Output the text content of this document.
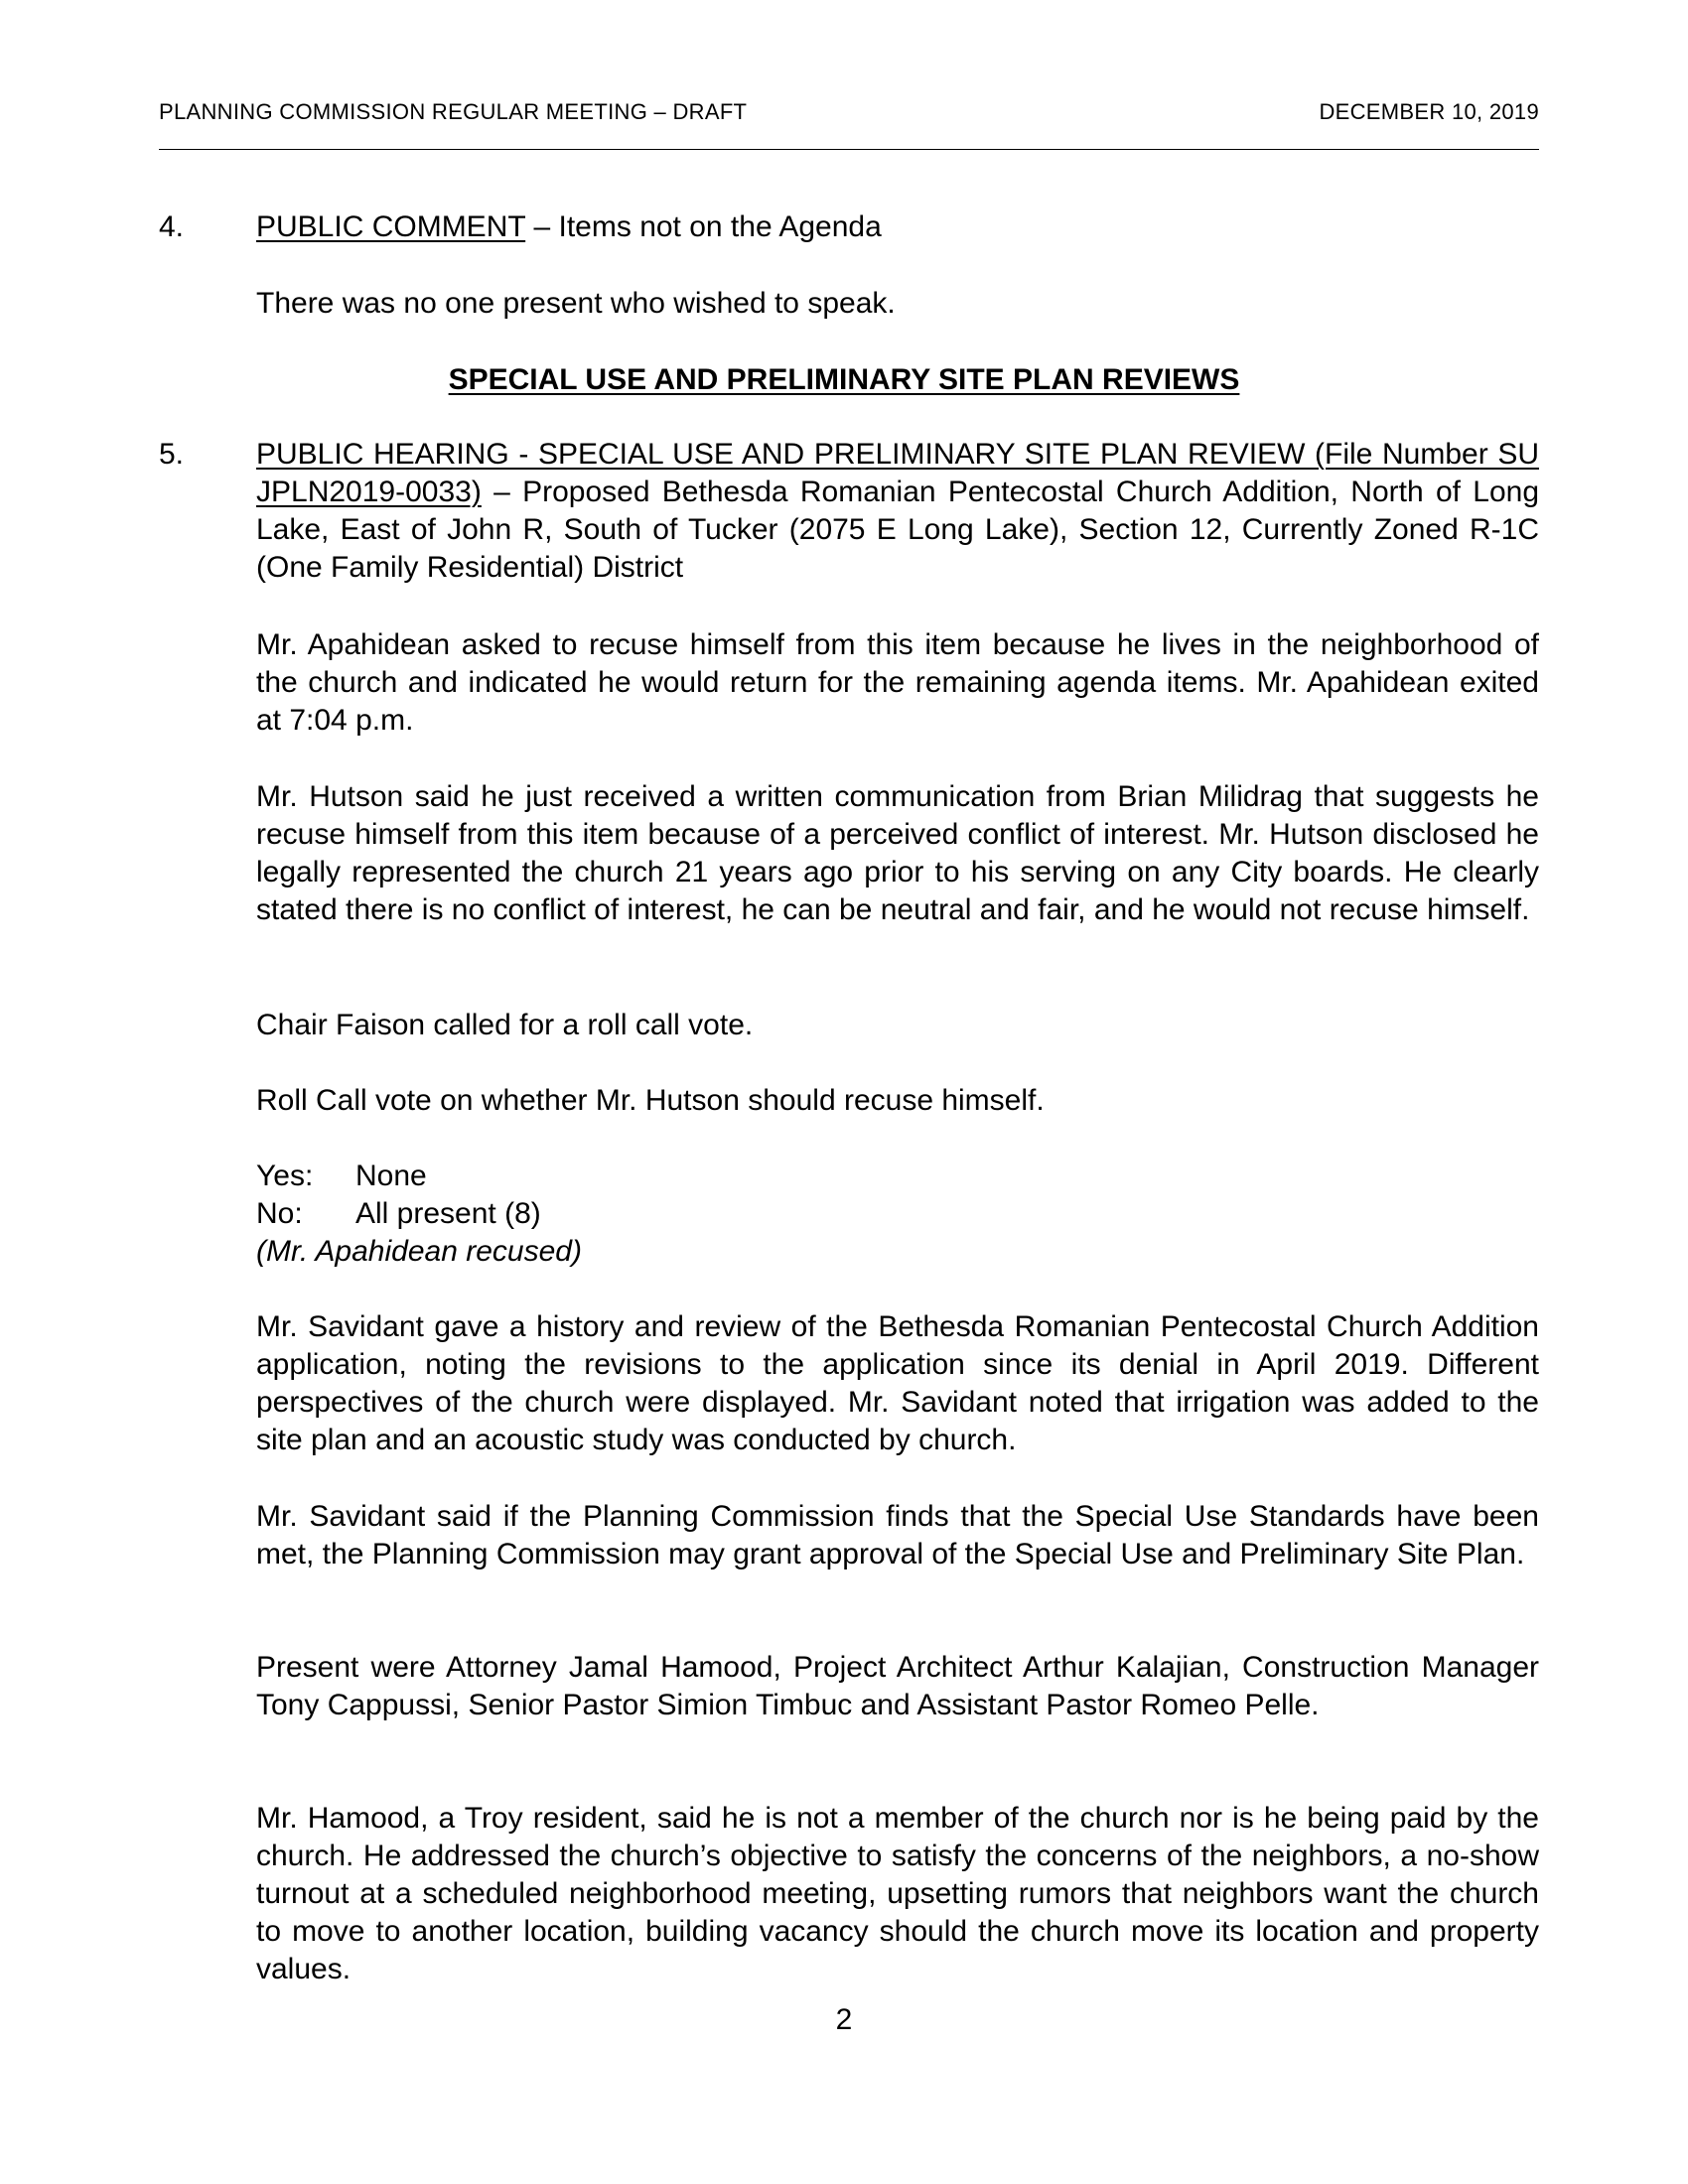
PLANNING COMMISSION REGULAR MEETING – DRAFT	DECEMBER 10, 2019
4. PUBLIC COMMENT – Items not on the Agenda
There was no one present who wished to speak.
SPECIAL USE AND PRELIMINARY SITE PLAN REVIEWS
5. PUBLIC HEARING - SPECIAL USE AND PRELIMINARY SITE PLAN REVIEW (File Number SU JPLN2019-0033) – Proposed Bethesda Romanian Pentecostal Church Addition, North of Long Lake, East of John R, South of Tucker (2075 E Long Lake), Section 12, Currently Zoned R-1C (One Family Residential) District
Mr. Apahidean asked to recuse himself from this item because he lives in the neighborhood of the church and indicated he would return for the remaining agenda items. Mr. Apahidean exited at 7:04 p.m.
Mr. Hutson said he just received a written communication from Brian Milidrag that suggests he recuse himself from this item because of a perceived conflict of interest. Mr. Hutson disclosed he legally represented the church 21 years ago prior to his serving on any City boards. He clearly stated there is no conflict of interest, he can be neutral and fair, and he would not recuse himself.
Chair Faison called for a roll call vote.
Roll Call vote on whether Mr. Hutson should recuse himself.
Yes:	None
No:	All present (8)
(Mr. Apahidean recused)
Mr. Savidant gave a history and review of the Bethesda Romanian Pentecostal Church Addition application, noting the revisions to the application since its denial in April 2019. Different perspectives of the church were displayed. Mr. Savidant noted that irrigation was added to the site plan and an acoustic study was conducted by church.
Mr. Savidant said if the Planning Commission finds that the Special Use Standards have been met, the Planning Commission may grant approval of the Special Use and Preliminary Site Plan.
Present were Attorney Jamal Hamood, Project Architect Arthur Kalajian, Construction Manager Tony Cappussi, Senior Pastor Simion Timbuc and Assistant Pastor Romeo Pelle.
Mr. Hamood, a Troy resident, said he is not a member of the church nor is he being paid by the church. He addressed the church’s objective to satisfy the concerns of the neighbors, a no-show turnout at a scheduled neighborhood meeting, upsetting rumors that neighbors want the church to move to another location, building vacancy should the church move its location and property values.
2
